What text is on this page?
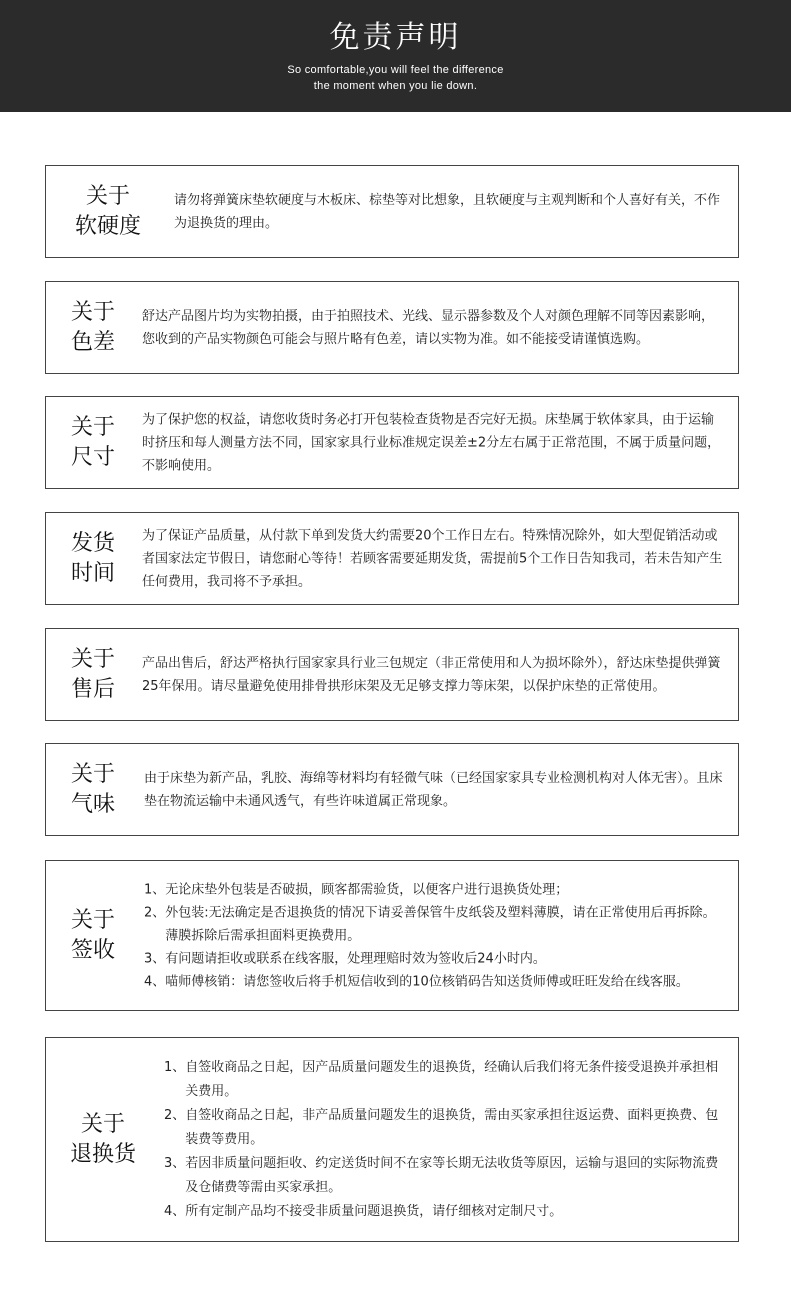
免责声明
So comfortable,you will feel the difference
the moment when you lie down.
关于
软硬度

请勿将弹簧床垫软硬度与木板床、棕垫等对比想象，且软硬度与主观判断和个人喜好有关，不作为退换货的理由。

关于
色差

舒达产品图片均为实物拍摄，由于拍照技术、光线、显示器参数及个人对颜色理解不同等因素影响，您收到的产品实物颜色可能会与照片略有色差，请以实物为准。如不能接受请谨慎选购。

关于
尺寸

为了保护您的权益，请您收货时务必打开包装检查货物是否完好无损。床垫属于软体家具，由于运输时挤压和每人测量方法不同，国家家具行业标准规定误差±2分左右属于正常范围，不属于质量问题，不影响使用。

发货
时间

为了保证产品质量，从付款下单到发货大约需要20个工作日左右。特殊情况除外，如大型促销活动或者国家法定节假日，请您耐心等待！若顾客需要延期发货，需提前5个工作日告知我司，若未告知产生任何费用，我司将不予承担。

关于
售后

产品出售后，舒达严格执行国家家具行业三包规定（非正常使用和人为损坏除外），舒达床垫提供弹簧25年保用。请尽量避免使用排骨拱形床架及无足够支撑力等床架，以保护床垫的正常使用。

关于
气味

由于床垫为新产品，乳胶、海绵等材料均有轻微气味（已经国家家具专业检测机构对人体无害）。且床垫在物流运输中未通风透气，有些许味道属正常现象。

关于
签收
1、 无论床垫外包装是否破损，顾客都需验货，以便客户进行退换货处理；
2、 外包装:无法确定是否退换货的情况下请妥善保管牛皮纸袋及塑料薄膜，请在正常使用后再拆除。薄膜拆除后需承担面料更换费用。
3、 有问题请拒收或联系在线客服，处理理赔时效为签收后24小时内。
4、 喵师傅核销：请您签收后将手机短信收到的10位核销码告知送货师傅或旺旺发给在线客服。
关于
退换货
1、 自签收商品之日起，因产品质量问题发生的退换货，经确认后我们将无条件接受退换并承担相关费用。
2、 自签收商品之日起，非产品质量问题发生的退换货，需由买家承担往返运费、面料更换费、包装费等费用。
3、 若因非质量问题拒收、约定送货时间不在家等长期无法收货等原因，运输与退回的实际物流费及仓储费等需由买家承担。
4、 所有定制产品均不接受非质量问题退换货，请仔细核对定制尺寸。
